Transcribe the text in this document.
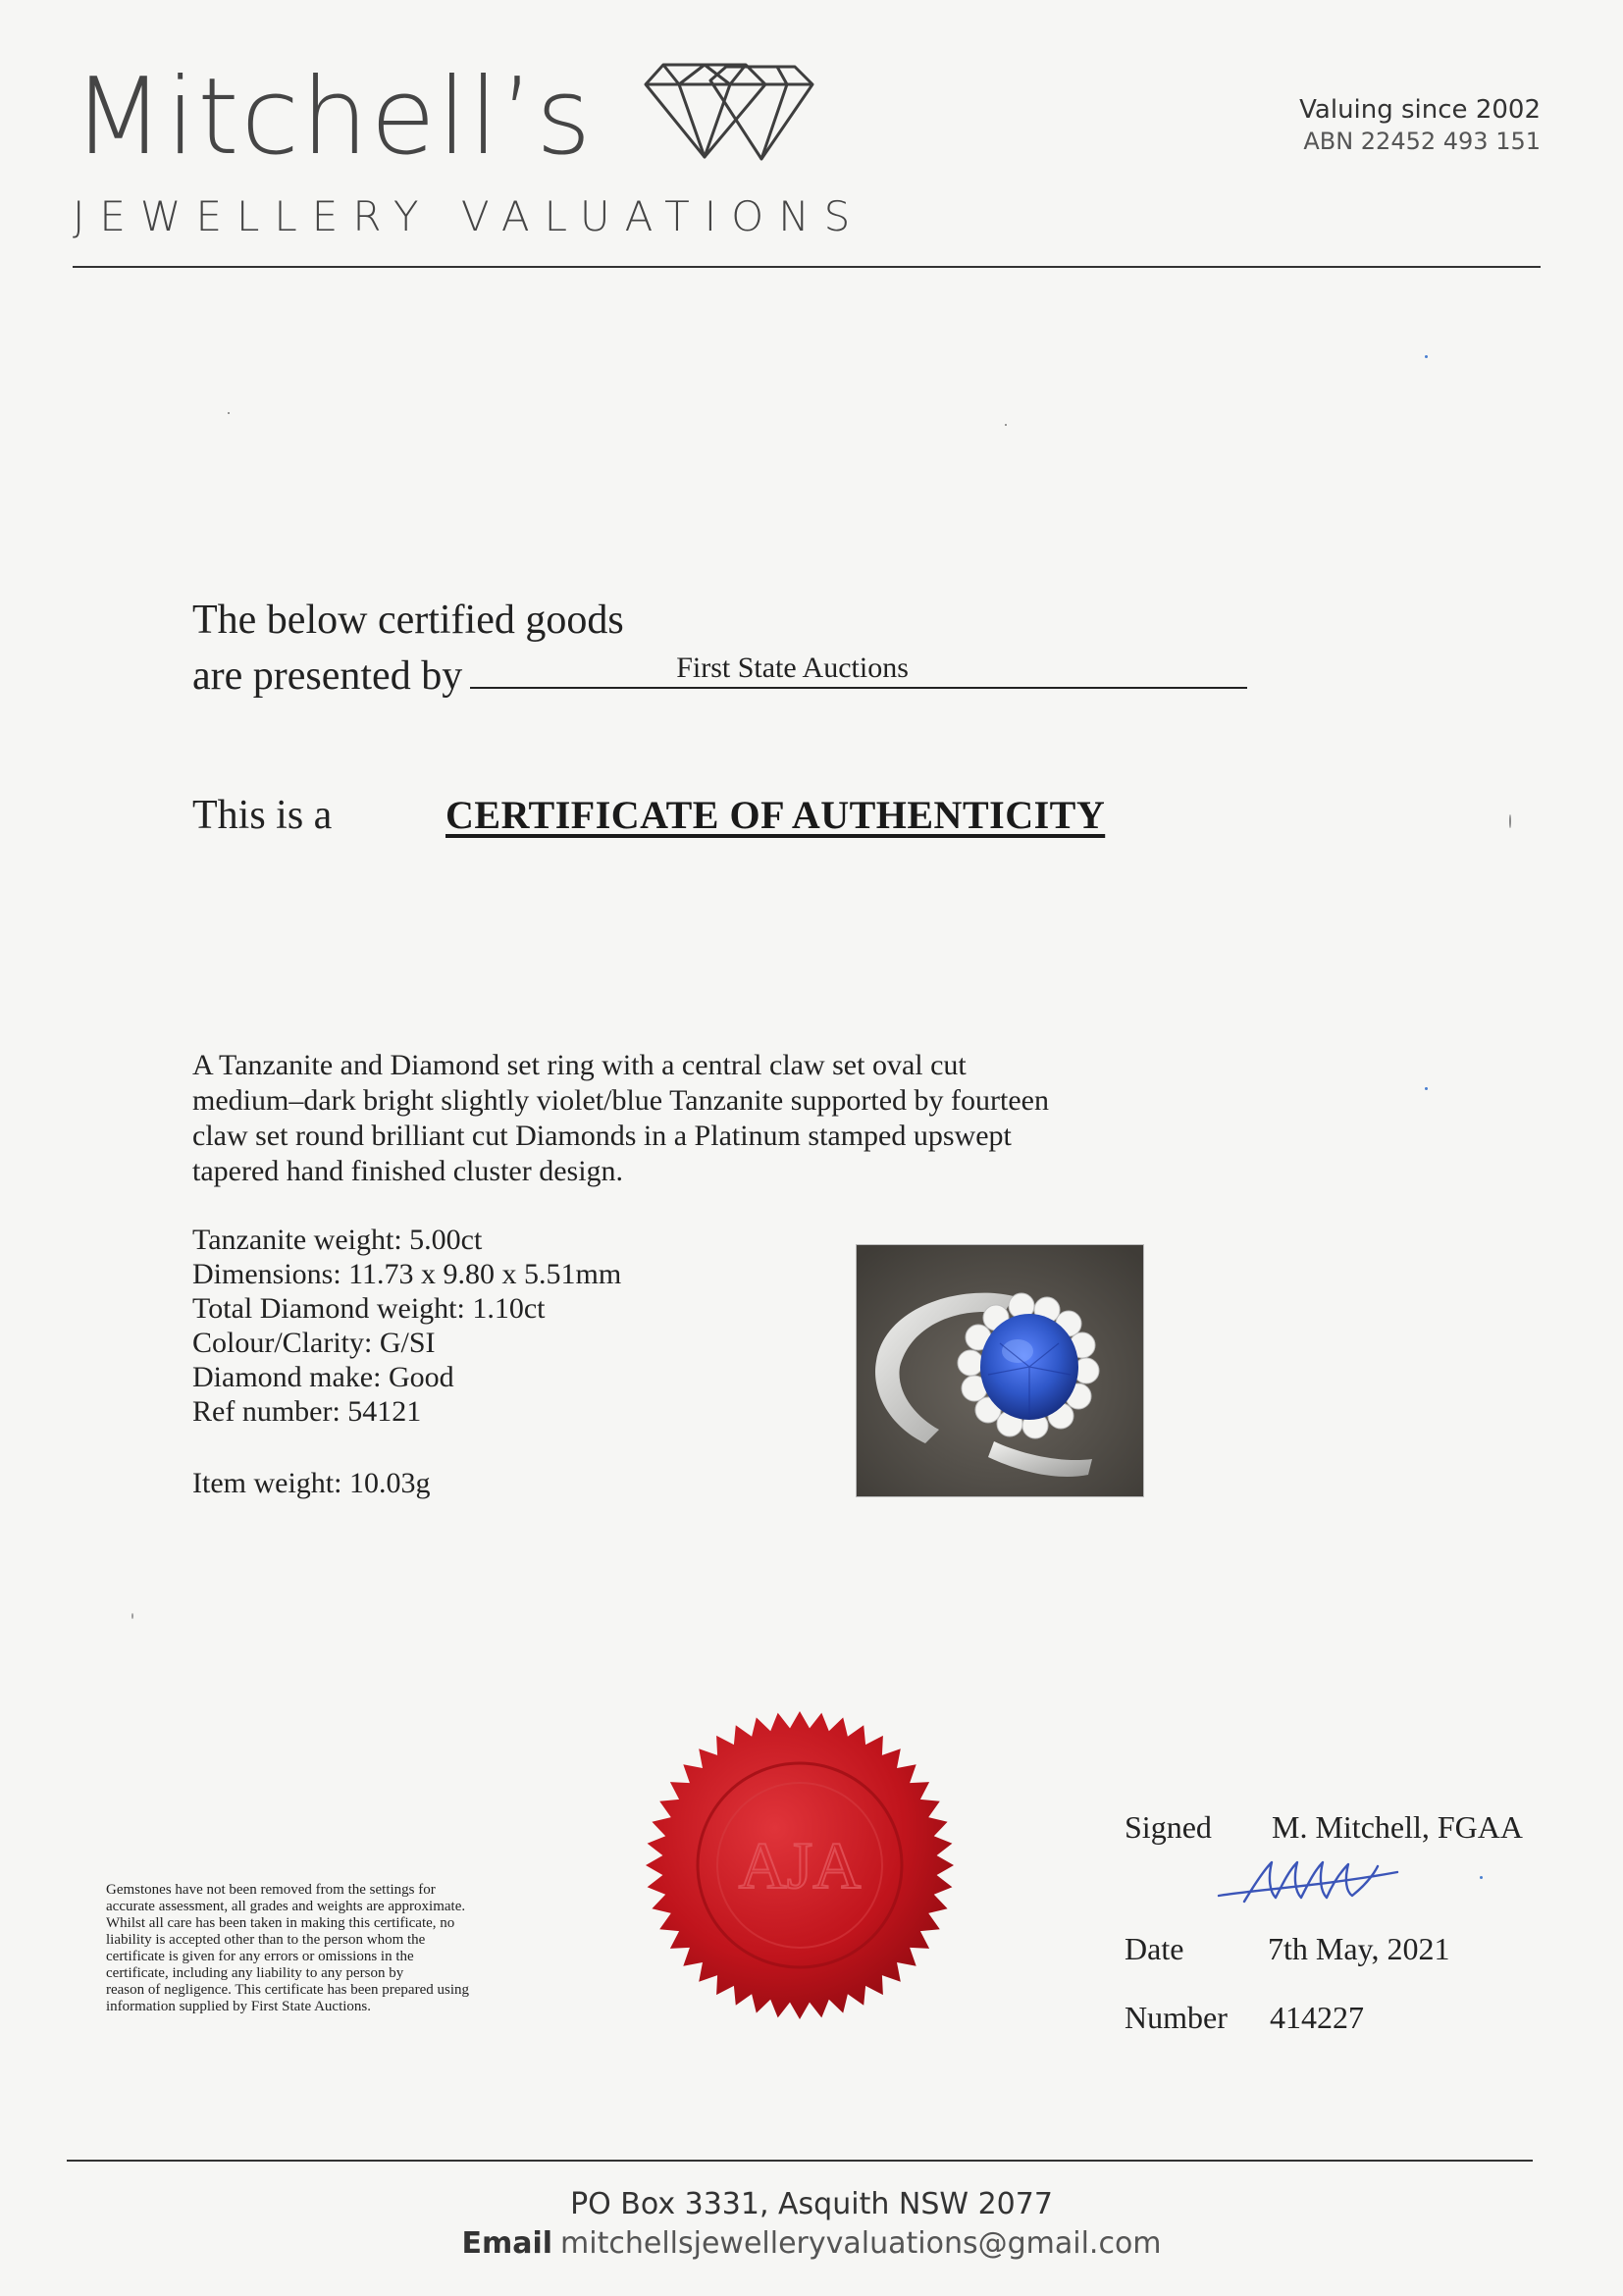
Mitchell’s
JEWELLERY VALUATIONS
Valuing since 2002
ABN 22452 493 151
The below certified goods
are presented by	First State Auctions
This is a	CERTIFICATE OF AUTHENTICITY
A Tanzanite and Diamond set ring with a central claw set oval cut
medium–dark bright slightly violet/blue Tanzanite supported by fourteen
claw set round brilliant cut Diamonds in a Platinum stamped upswept
tapered hand finished cluster design.
Tanzanite weight: 5.00ct
Dimensions: 11.73 x 9.80 x 5.51mm
Total Diamond weight: 1.10ct
Colour/Clarity: G/SI
Diamond make: Good
Ref number: 54121
Item weight: 10.03g
AJA
Gemstones have not been removed from the settings for
accurate assessment, all grades and weights are approximate.
Whilst all care has been taken in making this certificate, no
liability is accepted other than to the person whom the
certificate is given for any errors or omissions in the
certificate, including any liability to any person by
reason of negligence. This certificate has been prepared using
information supplied by First State Auctions.
Signed M. Mitchell, FGAA
Date	7th May, 2021
Number 414227
PO Box 3331, Asquith NSW 2077
Email mitchellsjewelleryvaluations@gmail.com
